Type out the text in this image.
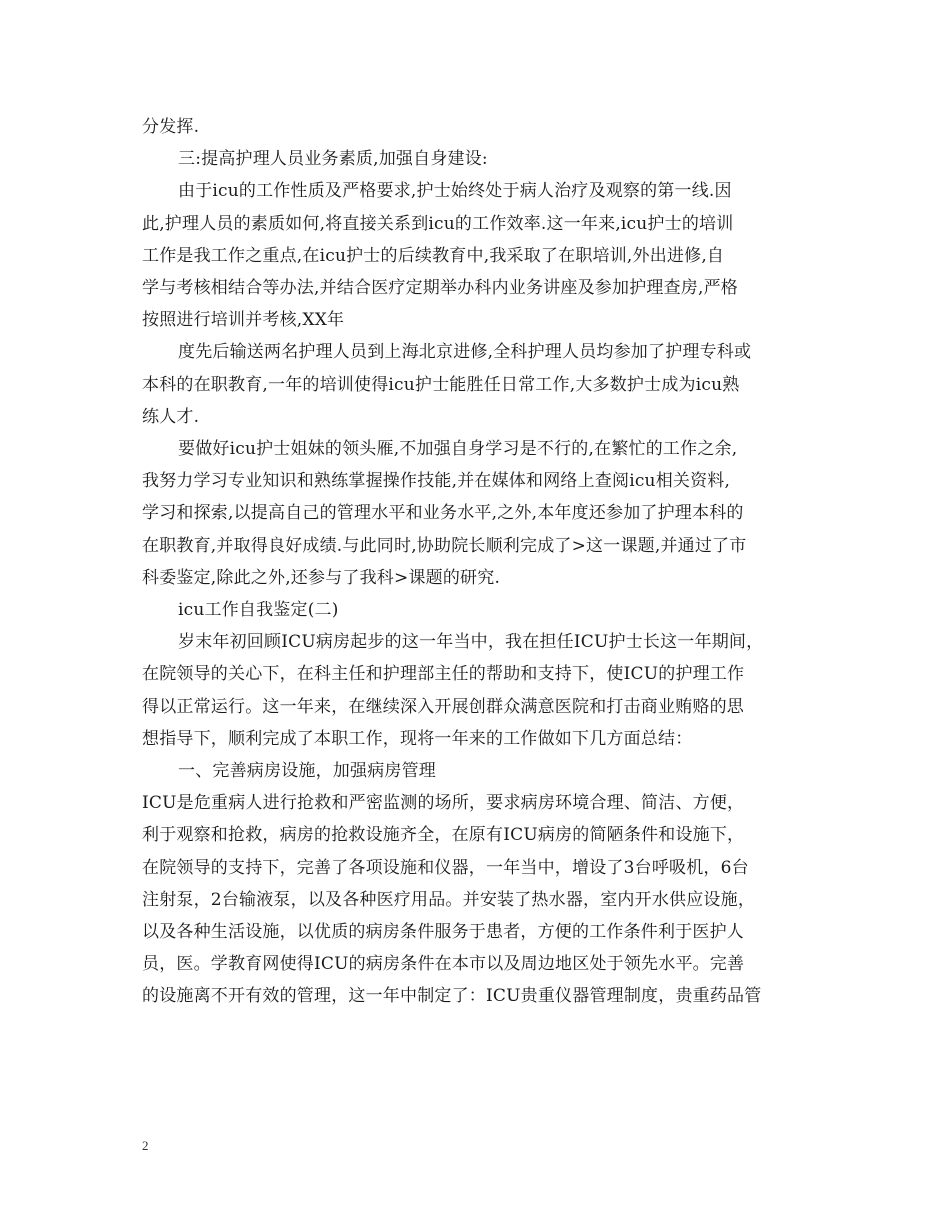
分发挥.
三:提高护理人员业务素质,加强自身建设:
由于icu的工作性质及严格要求,护士始终处于病人治疗及观察的第一线.因
此,护理人员的素质如何,将直接关系到icu的工作效率.这一年来,icu护士的培训
工作是我工作之重点,在icu护士的后续教育中,我采取了在职培训,外出进修,自
学与考核相结合等办法,并结合医疗定期举办科内业务讲座及参加护理查房,严格
按照进行培训并考核,XX年
度先后输送两名护理人员到上海北京进修,全科护理人员均参加了护理专科或
本科的在职教育,一年的培训使得icu护士能胜任日常工作,大多数护士成为icu熟
练人才.
要做好icu护士姐妹的领头雁,不加强自身学习是不行的,在繁忙的工作之余,
我努力学习专业知识和熟练掌握操作技能,并在媒体和网络上查阅icu相关资料,
学习和探索,以提高自己的管理水平和业务水平,之外,本年度还参加了护理本科的
在职教育,并取得良好成绩.与此同时,协助院长顺利完成了>这一课题,并通过了市
科委鉴定,除此之外,还参与了我科>课题的研究.
icu工作自我鉴定(二)
岁末年初回顾ICU病房起步的这一年当中，我在担任ICU护士长这一年期间，
在院领导的关心下，在科主任和护理部主任的帮助和支持下，使ICU的护理工作
得以正常运行。这一年来，在继续深入开展创群众满意医院和打击商业贿赂的思
想指导下，顺利完成了本职工作，现将一年来的工作做如下几方面总结：
一、完善病房设施，加强病房管理
ICU是危重病人进行抢救和严密监测的场所，要求病房环境合理、简洁、方便，
利于观察和抢救，病房的抢救设施齐全，在原有ICU病房的简陋条件和设施下，
在院领导的支持下，完善了各项设施和仪器，一年当中，增设了3台呼吸机，6台
注射泵，2台输液泵，以及各种医疗用品。并安装了热水器，室内开水供应设施，
以及各种生活设施，以优质的病房条件服务于患者，方便的工作条件利于医护人
员，医。学教育网使得ICU的病房条件在本市以及周边地区处于领先水平。完善
的设施离不开有效的管理，这一年中制定了：ICU贵重仪器管理制度，贵重药品管
2
